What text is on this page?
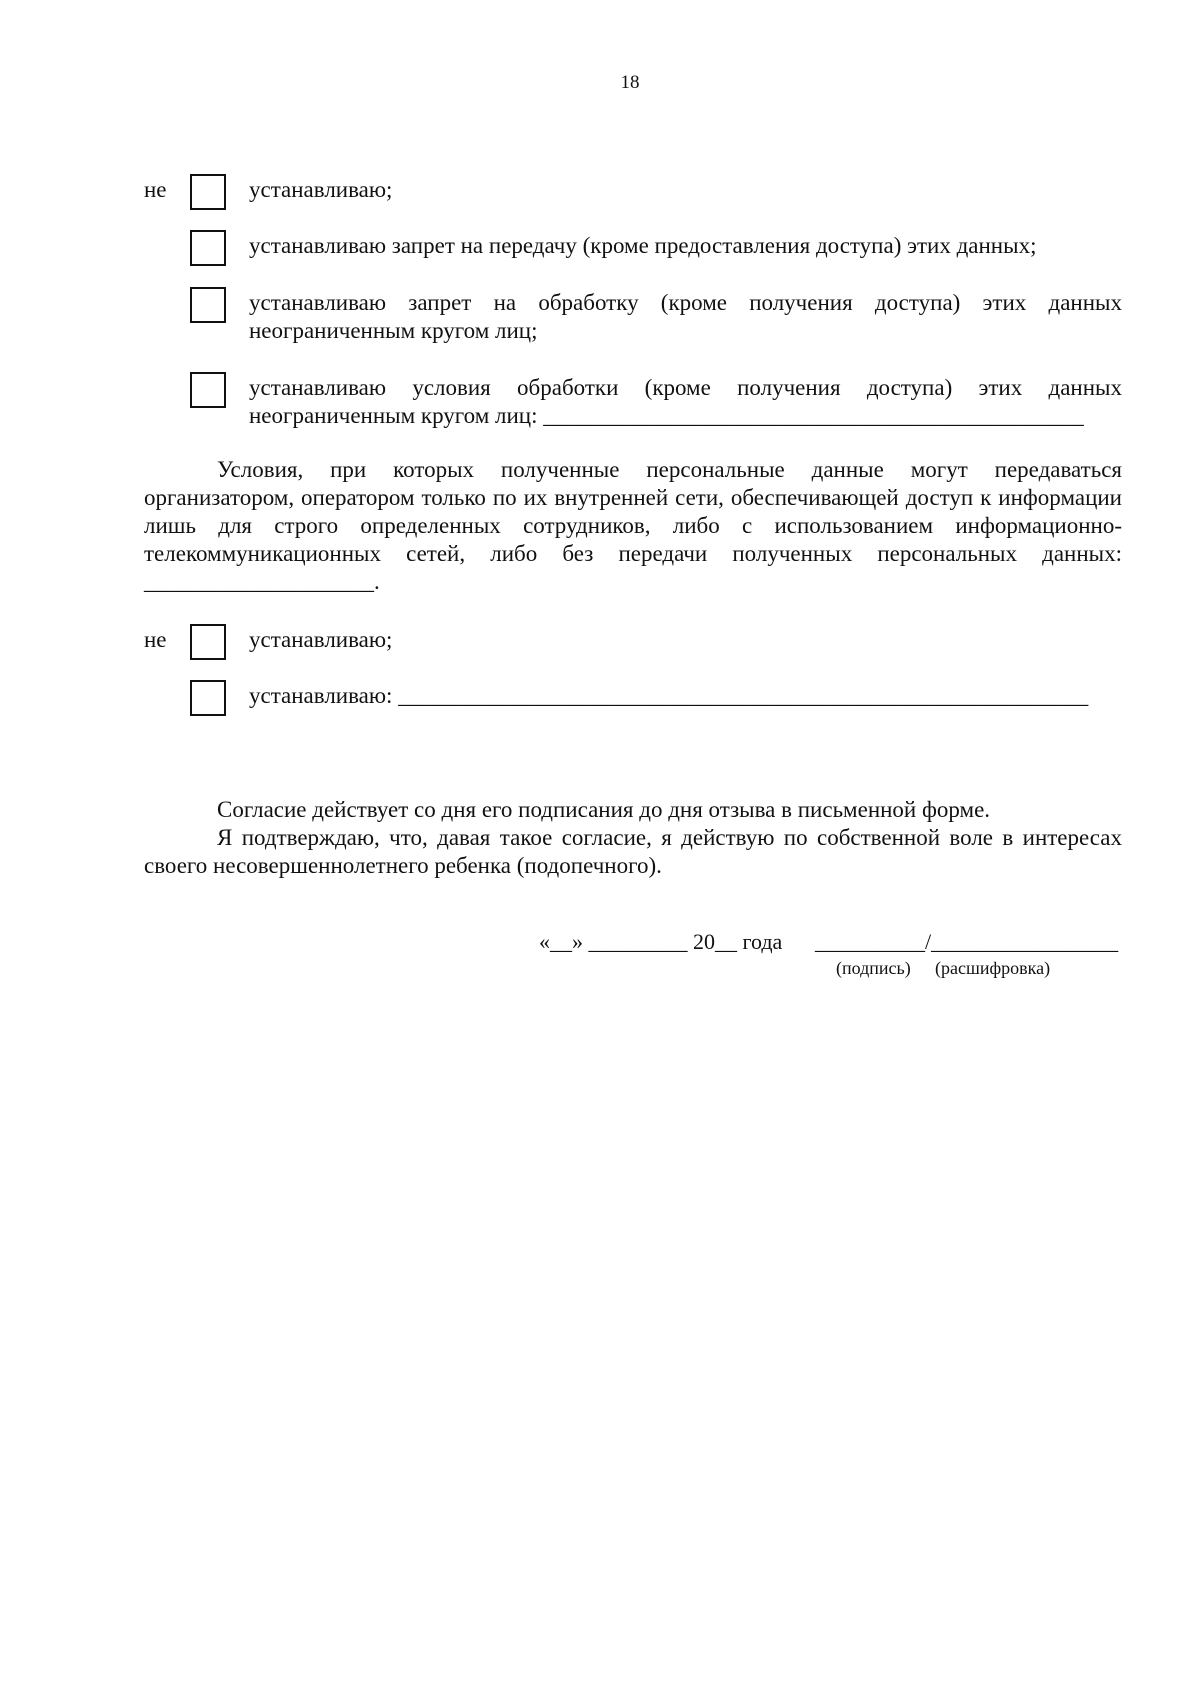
18
не	устанавливаю;
устанавливаю запрет на передачу (кроме предоставления доступа) этих данных;
устанавливаю запрет на обработку (кроме получения доступа) этих данных
неограниченным кругом лиц;
устанавливаю условия обработки (кроме получения доступа) этих данных
неограниченным кругом лиц: _______________________________________________
Условия, при которых полученные персональные данные могут передаваться организатором, оператором только по их внутренней сети, обеспечивающей доступ к информации лишь для строго определенных сотрудников, либо с использованием информационно-телекоммуникационных сетей, либо без передачи полученных персональных данных: ____________________.
не	устанавливаю;
устанавливаю: ____________________________________________________________
Согласие действует со дня его подписания до дня отзыва в письменной форме.
Я подтверждаю, что, давая такое согласие, я действую по собственной воле в интересах своего несовершеннолетнего ребенка (подопечного).
«__» _________ 20__ года __________/_________________
(подпись) (расшифровка)
